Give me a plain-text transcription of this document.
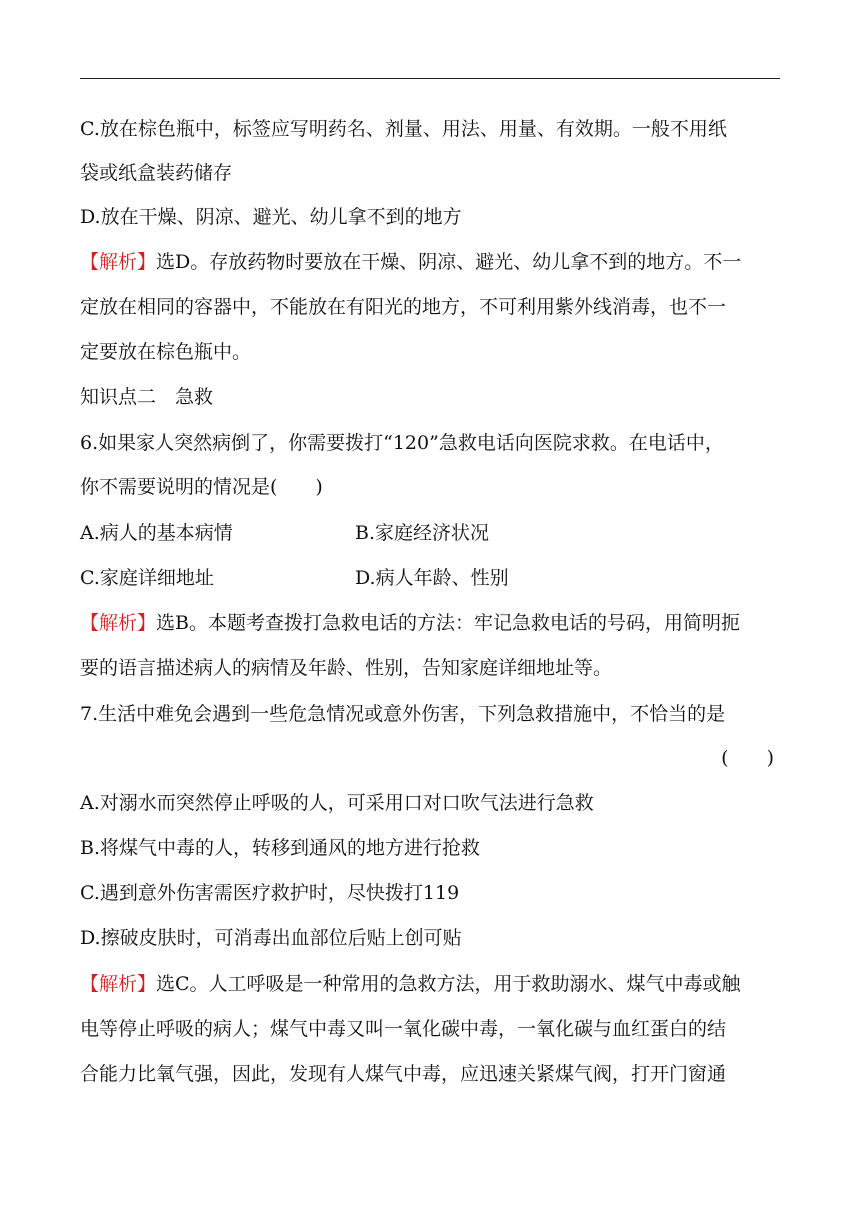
C.放在棕色瓶中，标签应写明药名、剂量、用法、用量、有效期。一般不用纸
袋或纸盒装药储存
D.放在干燥、阴凉、避光、幼儿拿不到的地方
【解析】选D。存放药物时要放在干燥、阴凉、避光、幼儿拿不到的地方。不一
定放在相同的容器中，不能放在有阳光的地方，不可利用紫外线消毒，也不一
定要放在棕色瓶中。
知识点二　急救
6.如果家人突然病倒了，你需要拨打“120”急救电话向医院求救。在电话中，
你不需要说明的情况是(　　)
A.病人的基本病情	B.家庭经济状况
C.家庭详细地址	D.病人年龄、性别
【解析】选B。本题考查拨打急救电话的方法：牢记急救电话的号码，用简明扼
要的语言描述病人的病情及年龄、性别，告知家庭详细地址等。
7.生活中难免会遇到一些危急情况或意外伤害，下列急救措施中，不恰当的是
(　　)
A.对溺水而突然停止呼吸的人，可采用口对口吹气法进行急救
B.将煤气中毒的人，转移到通风的地方进行抢救
C.遇到意外伤害需医疗救护时，尽快拨打119
D.擦破皮肤时，可消毒出血部位后贴上创可贴
【解析】选C。人工呼吸是一种常用的急救方法，用于救助溺水、煤气中毒或触
电等停止呼吸的病人；煤气中毒又叫一氧化碳中毒，一氧化碳与血红蛋白的结
合能力比氧气强，因此，发现有人煤气中毒，应迅速关紧煤气阀，打开门窗通
